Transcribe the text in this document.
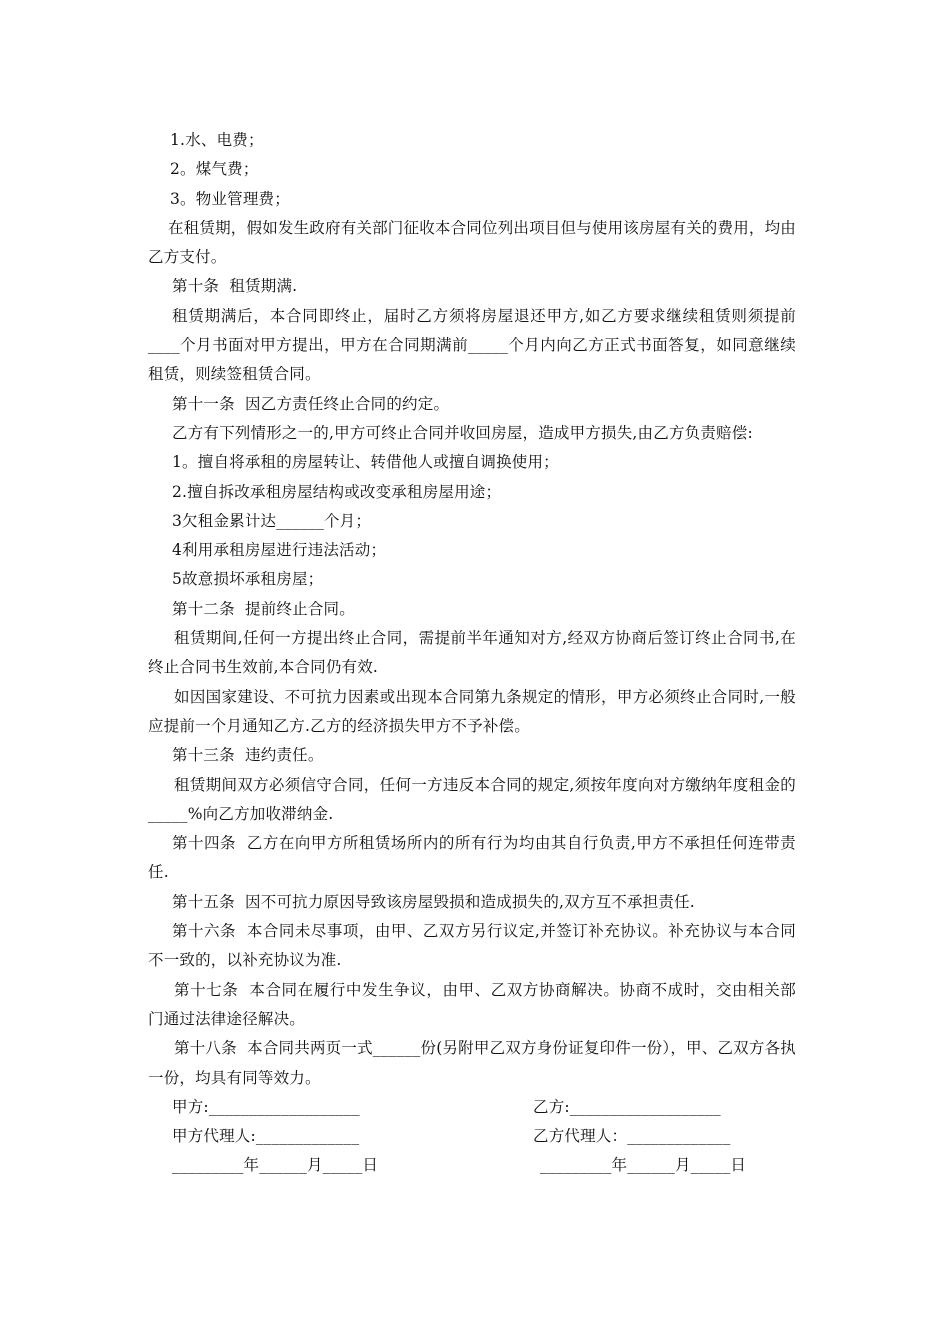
1.水、电费；

2。煤气费；

3。物业管理费；

在租赁期，假如发生政府有关部门征收本合同位列出项目但与使用该房屋有关的费用，均由乙方支付。

第十条  租赁期满.

租赁期满后，本合同即终止，届时乙方须将房屋退还甲方,如乙方要求继续租赁则须提前____个月书面对甲方提出，甲方在合同期满前_____个月内向乙方正式书面答复，如同意继续租赁，则续签租赁合同。

第十一条  因乙方责任终止合同的约定。

乙方有下列情形之一的,甲方可终止合同并收回房屋，造成甲方损失,由乙方负责赔偿:

1。擅自将承租的房屋转让、转借他人或擅自调换使用；

2.擅自拆改承租房屋结构或改变承租房屋用途；

3欠租金累计达______个月；

4利用承租房屋进行违法活动；

5故意损坏承租房屋；

第十二条  提前终止合同。

租赁期间,任何一方提出终止合同，需提前半年通知对方,经双方协商后签订终止合同书,在终止合同书生效前,本合同仍有效.

如因国家建设、不可抗力因素或出现本合同第九条规定的情形，甲方必须终止合同时,一般应提前一个月通知乙方.乙方的经济损失甲方不予补偿。

第十三条  违约责任。

租赁期间双方必须信守合同，任何一方违反本合同的规定,须按年度向对方缴纳年度租金的_____%向乙方加收滞纳金.

第十四条  乙方在向甲方所租赁场所内的所有行为均由其自行负责,甲方不承担任何连带责任.

第十五条  因不可抗力原因导致该房屋毁损和造成损失的,双方互不承担责任.

第十六条  本合同未尽事项，由甲、乙双方另行议定,并签订补充协议。补充协议与本合同不一致的，以补充协议为准.

第十七条  本合同在履行中发生争议，由甲、乙双方协商解决。协商不成时，交由相关部门通过法律途径解决。

第十八条  本合同共两页一式______份(另附甲乙双方身份证复印件一份），甲、乙双方各执一份，均具有同等效力。

甲方:___________________	乙方:___________________
甲方代理人:_____________	乙方代理人：_____________
_________年______月_____日	_________年______月_____日
